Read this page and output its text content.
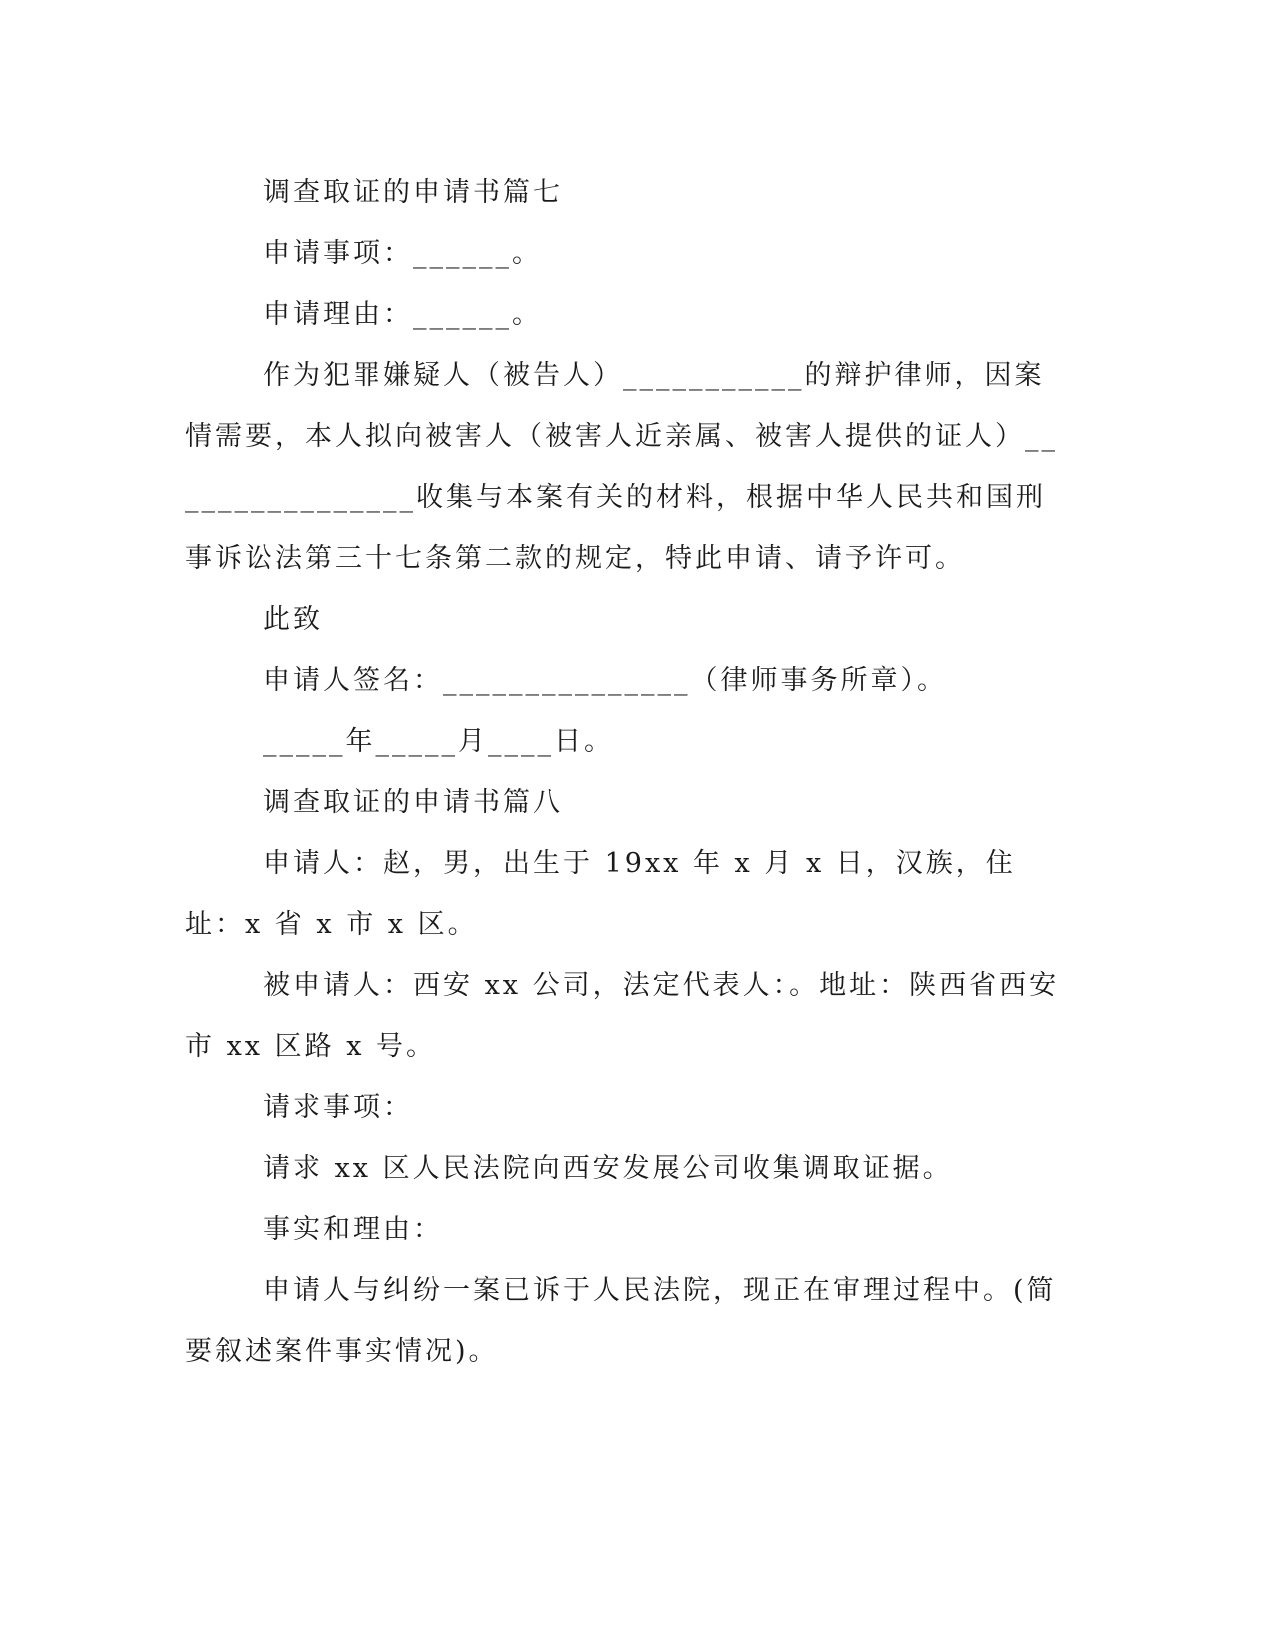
调查取证的申请书篇七

申请事项：______。

申请理由：______。

作为犯罪嫌疑人（被告人）___________的辩护律师，因案情需要，本人拟向被害人（被害人近亲属、被害人提供的证人）________________收集与本案有关的材料，根据中华人民共和国刑事诉讼法第三十七条第二款的规定，特此申请、请予许可。

此致

申请人签名：_______________（律师事务所章）。

_____年_____月____日。

调查取证的申请书篇八

申请人：赵，男，出生于 19xx 年 x 月 x 日，汉族，住址：x 省 x 市 x 区。

被申请人：西安 xx 公司，法定代表人：。地址：陕西省西安市 xx 区路 x 号。

请求事项：

请求 xx 区人民法院向西安发展公司收集调取证据。

事实和理由：

申请人与纠纷一案已诉于人民法院，现正在审理过程中。(简要叙述案件事实情况)。
